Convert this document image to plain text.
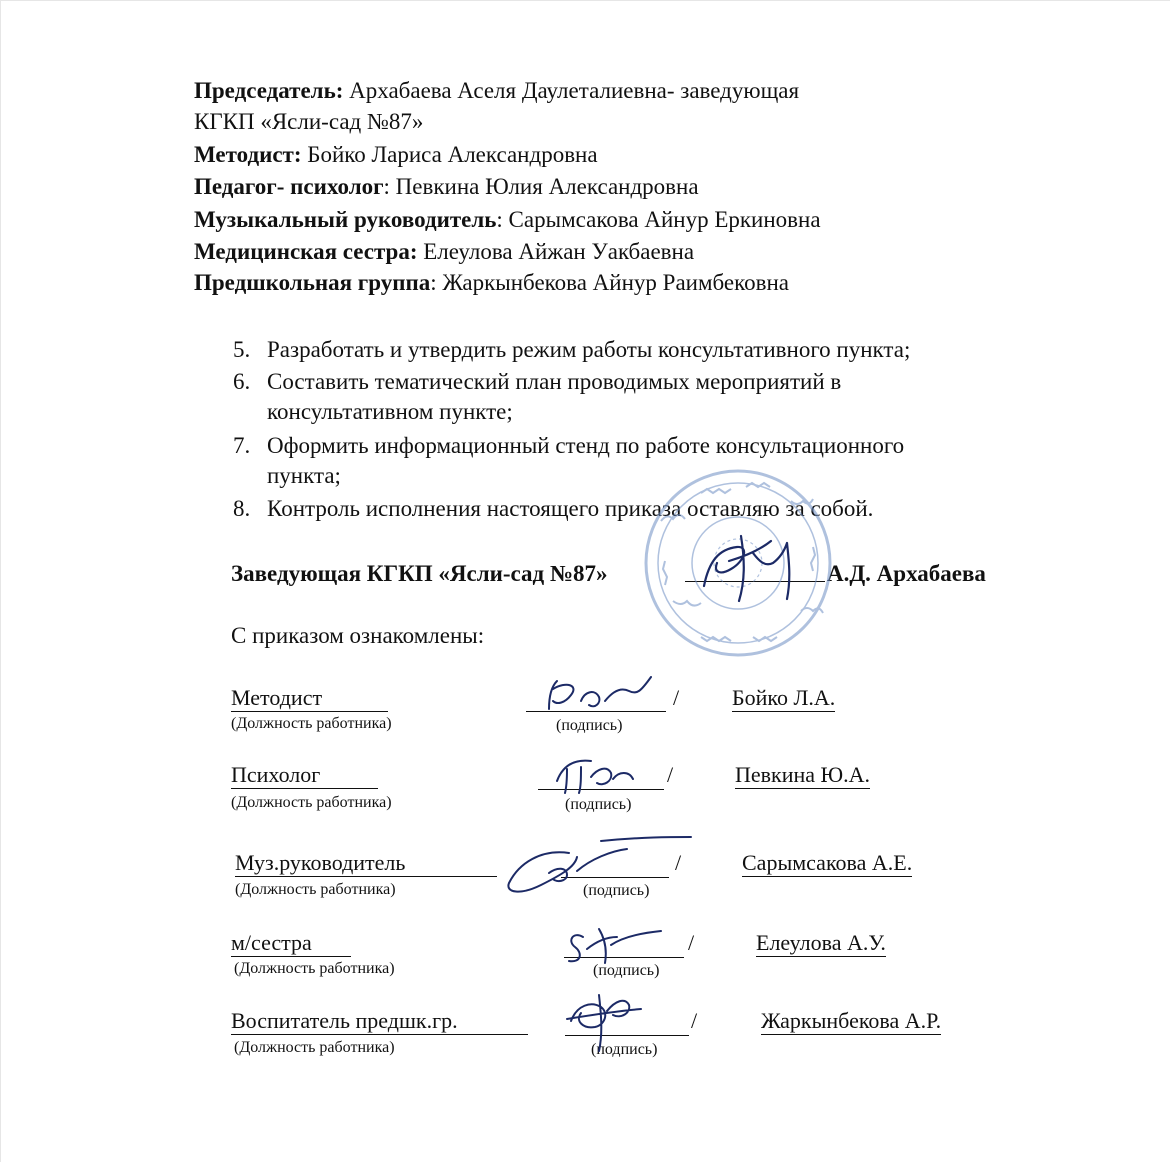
Председатель: Архабаева Аселя Даулеталиевна- заведующая
КГКП «Ясли-сад №87»
Методист: Бойко Лариса Александровна
Педагог- психолог: Певкина Юлия Александровна
Музыкальный руководитель: Сарымсакова Айнур Еркиновна
Медицинская сестра: Елеулова Айжан Уакбаевна
Предшкольная группа: Жаркынбекова Айнур Раимбековна
5. Разработать и утвердить режим работы консультативного пункта;
6. Составить тематический план проводимых мероприятий в
консультативном пункте;
7. Оформить информационный стенд по работе консультационного
пункта;
8. Контроль исполнения настоящего приказа оставляю за собой.
Заведующая КГКП «Ясли-сад №87»	А.Д. Архабаева
С приказом ознакомлены:
Методист
(Должность работника)
/
(подпись)
Бойко Л.А.
Психолог
(Должность работника)
/
(подпись)
Певкина Ю.А.
Муз.руководитель
(Должность работника)
/
(подпись)
Сарымсакова А.Е.
м/сестра
(Должность работника)
/
(подпись)
Елеулова А.У.
Воспитатель предшк.гр.
(Должность работника)
/
(подпись)
Жаркынбекова А.Р.
